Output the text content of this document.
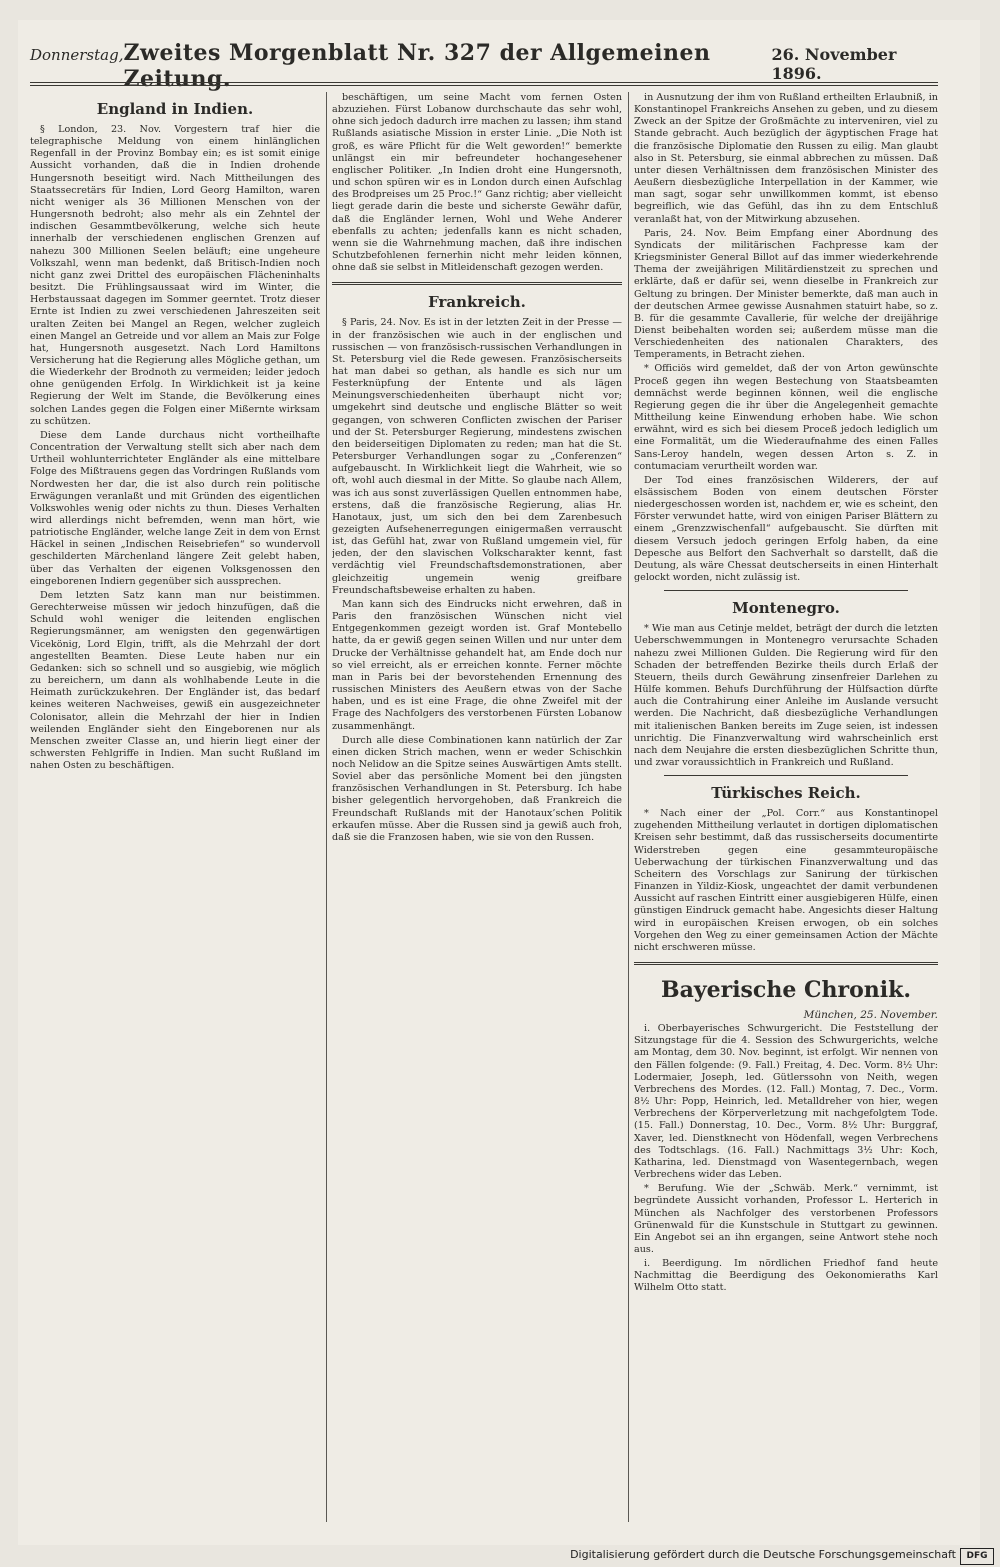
Donnerstag, Zweites Morgenblatt Nr. 327 der Allgemeinen Zeitung.
26. November 1896.
England in Indien.

§ London, 23. Nov. Vorgestern traf hier die telegraphische Meldung von einem hinlänglichen Regenfall in der Provinz Bombay ein; es ist somit einige Aussicht vorhanden, daß die in Indien drohende Hungersnoth beseitigt wird. Nach Mittheilungen des Staatssecretärs für Indien, Lord Georg Hamilton, waren nicht weniger als 36 Millionen Menschen von der Hungersnoth bedroht; also mehr als ein Zehntel der indischen Gesammtbevölkerung, welche sich heute innerhalb der verschiedenen englischen Grenzen auf nahezu 300 Millionen Seelen beläuft; eine ungeheure Volkszahl, wenn man bedenkt, daß Britisch-Indien noch nicht ganz zwei Drittel des europäischen Flächeninhalts besitzt. Die Frühlingsaussaat wird im Winter, die Herbstaussaat dagegen im Sommer geerntet. Trotz dieser Ernte ist Indien zu zwei verschiedenen Jahreszeiten seit uralten Zeiten bei Mangel an Regen, welcher zugleich einen Mangel an Getreide und vor allem an Mais zur Folge hat, Hungersnoth ausgesetzt. Nach Lord Hamiltons Versicherung hat die Regierung alles Mögliche gethan, um die Wiederkehr der Brodnoth zu vermeiden; leider jedoch ohne genügenden Erfolg. In Wirklichkeit ist ja keine Regierung der Welt im Stande, die Bevölkerung eines solchen Landes gegen die Folgen einer Mißernte wirksam zu schützen.

Diese dem Lande durchaus nicht vortheilhafte Concentration der Verwaltung stellt sich aber nach dem Urtheil wohlunterrichteter Engländer als eine mittelbare Folge des Mißtrauens gegen das Vordringen Rußlands vom Nordwesten her dar, die ist also durch rein politische Erwägungen veranlaßt und mit Gründen des eigentlichen Volkswohles wenig oder nichts zu thun. Dieses Verhalten wird allerdings nicht befremden, wenn man hört, wie patriotische Engländer, welche lange Zeit in dem von Ernst Häckel in seinen „Indischen Reisebriefen“ so wundervoll geschilderten Märchenland längere Zeit gelebt haben, über das Verhalten der eigenen Volksgenossen den eingeborenen Indiern gegenüber sich aussprechen.

Dem letzten Satz kann man nur beistimmen. Gerechterweise müssen wir jedoch hinzufügen, daß die Schuld wohl weniger die leitenden englischen Regierungsmänner, am wenigsten den gegenwärtigen Vicekönig, Lord Elgin, trifft, als die Mehrzahl der dort angestellten Beamten. Diese Leute haben nur ein Gedanken: sich so schnell und so ausgiebig, wie möglich zu bereichern, um dann als wohlhabende Leute in die Heimath zurückzukehren. Der Engländer ist, das bedarf keines weiteren Nachweises, gewiß ein ausgezeichneter Colonisator, allein die Mehrzahl der hier in Indien weilenden Engländer sieht den Eingeborenen nur als Menschen zweiter Classe an, und hierin liegt einer der schwersten Fehlgriffe in Indien. Man sucht Rußland im nahen Osten zu beschäftigen.

beschäftigen, um seine Macht vom fernen Osten abzuziehen. Fürst Lobanow durchschaute das sehr wohl, ohne sich jedoch dadurch irre machen zu lassen; ihm stand Rußlands asiatische Mission in erster Linie. „Die Noth ist groß, es wäre Pflicht für die Welt geworden!“ bemerkte unlängst ein mir befreundeter hochangesehener englischer Politiker. „In Indien droht eine Hungersnoth, und schon spüren wir es in London durch einen Aufschlag des Brodpreises um 25 Proc.!“ Ganz richtig; aber vielleicht liegt gerade darin die beste und sicherste Gewähr dafür, daß die Engländer lernen, Wohl und Wehe Anderer ebenfalls zu achten; jedenfalls kann es nicht schaden, wenn sie die Wahrnehmung machen, daß ihre indischen Schutzbefohlenen fernerhin nicht mehr leiden können, ohne daß sie selbst in Mitleidenschaft gezogen werden.

Frankreich.

§ Paris, 24. Nov. Es ist in der letzten Zeit in der Presse — in der französischen wie auch in der englischen und russischen — von französisch-russischen Verhandlungen in St. Petersburg viel die Rede gewesen. Französischerseits hat man dabei so gethan, als handle es sich nur um Festerknüpfung der Entente und als lägen Meinungsverschiedenheiten überhaupt nicht vor; umgekehrt sind deutsche und englische Blätter so weit gegangen, von schweren Conflicten zwischen der Pariser und der St. Petersburger Regierung, mindestens zwischen den beiderseitigen Diplomaten zu reden; man hat die St. Petersburger Verhandlungen sogar zu „Conferenzen“ aufgebauscht. In Wirklichkeit liegt die Wahrheit, wie so oft, wohl auch diesmal in der Mitte. So glaube nach Allem, was ich aus sonst zuverlässigen Quellen entnommen habe, erstens, daß die französische Regierung, alias Hr. Hanotaux, just, um sich den bei dem Zarenbesuch gezeigten Aufsehenerregungen einigermaßen verrauscht ist, das Gefühl hat, zwar von Rußland umgemein viel, für jeden, der den slavischen Volkscharakter kennt, fast verdächtig viel Freundschaftsdemonstrationen, aber gleichzeitig ungemein wenig greifbare Freundschaftsbeweise erhalten zu haben.

Man kann sich des Eindrucks nicht erwehren, daß in Paris den französischen Wünschen nicht viel Entgegenkommen gezeigt worden ist. Graf Montebello hatte, da er gewiß gegen seinen Willen und nur unter dem Drucke der Verhältnisse gehandelt hat, am Ende doch nur so viel erreicht, als er erreichen konnte. Ferner möchte man in Paris bei der bevorstehenden Ernennung des russischen Ministers des Aeußern etwas von der Sache haben, und es ist eine Frage, die ohne Zweifel mit der Frage des Nachfolgers des verstorbenen Fürsten Lobanow zusammenhängt.

Durch alle diese Combinationen kann natürlich der Zar einen dicken Strich machen, wenn er weder Schischkin noch Nelidow an die Spitze seines Auswärtigen Amts stellt. Soviel aber das persönliche Moment bei den jüngsten französischen Verhandlungen in St. Petersburg. Ich habe bisher gelegentlich hervorgehoben, daß Frankreich die Freundschaft Rußlands mit der Hanotaux’schen Politik erkaufen müsse. Aber die Russen sind ja gewiß auch froh, daß sie die Franzosen haben, wie sie von den Russen.

in Ausnutzung der ihm von Rußland ertheilten Erlaubniß, in Konstantinopel Frankreichs Ansehen zu geben, und zu diesem Zweck an der Spitze der Großmächte zu interveniren, viel zu Stande gebracht. Auch bezüglich der ägyptischen Frage hat die französische Diplomatie den Russen zu eilig. Man glaubt also in St. Petersburg, sie einmal abbrechen zu müssen. Daß unter diesen Verhältnissen dem französischen Minister des Aeußern diesbezügliche Interpellation in der Kammer, wie man sagt, sogar sehr unwillkommen kommt, ist ebenso begreiflich, wie das Gefühl, das ihn zu dem Entschluß veranlaßt hat, von der Mitwirkung abzusehen.

Paris, 24. Nov. Beim Empfang einer Abordnung des Syndicats der militärischen Fachpresse kam der Kriegsminister General Billot auf das immer wiederkehrende Thema der zweijährigen Militärdienstzeit zu sprechen und erklärte, daß er dafür sei, wenn dieselbe in Frankreich zur Geltung zu bringen. Der Minister bemerkte, daß man auch in der deutschen Armee gewisse Ausnahmen statuirt habe, so z. B. für die gesammte Cavallerie, für welche der dreijährige Dienst beibehalten worden sei; außerdem müsse man die Verschiedenheiten des nationalen Charakters, des Temperaments, in Betracht ziehen.

* Officiös wird gemeldet, daß der von Arton gewünschte Proceß gegen ihn wegen Bestechung von Staatsbeamten demnächst werde beginnen können, weil die englische Regierung gegen die ihr über die Angelegenheit gemachte Mittheilung keine Einwendung erhoben habe. Wie schon erwähnt, wird es sich bei diesem Proceß jedoch lediglich um eine Formalität, um die Wiederaufnahme des einen Falles Sans-Leroy handeln, wegen dessen Arton s. Z. in contumaciam verurtheilt worden war.

Der Tod eines französischen Wilderers, der auf elsässischem Boden von einem deutschen Förster niedergeschossen worden ist, nachdem er, wie es scheint, den Förster verwundet hatte, wird von einigen Pariser Blättern zu einem „Grenzzwischenfall“ aufgebauscht. Sie dürften mit diesem Versuch jedoch geringen Erfolg haben, da eine Depesche aus Belfort den Sachverhalt so darstellt, daß die Deutung, als wäre Chessat deutscherseits in einen Hinterhalt gelockt worden, nicht zulässig ist.

Montenegro.

* Wie man aus Cetinje meldet, beträgt der durch die letzten Ueberschwemmungen in Montenegro verursachte Schaden nahezu zwei Millionen Gulden. Die Regierung wird für den Schaden der betreffenden Bezirke theils durch Erlaß der Steuern, theils durch Gewährung zinsenfreier Darlehen zu Hülfe kommen. Behufs Durchführung der Hülfsaction dürfte auch die Contrahirung einer Anleihe im Auslande versucht werden. Die Nachricht, daß diesbezügliche Verhandlungen mit italienischen Banken bereits im Zuge seien, ist indessen unrichtig. Die Finanzverwaltung wird wahrscheinlich erst nach dem Neujahre die ersten diesbezüglichen Schritte thun, und zwar voraussichtlich in Frankreich und Rußland.

Türkisches Reich.

* Nach einer der „Pol. Corr.“ aus Konstantinopel zugehenden Mittheilung verlautet in dortigen diplomatischen Kreisen sehr bestimmt, daß das russischerseits documentirte Widerstreben gegen eine gesammteuropäische Ueberwachung der türkischen Finanzverwaltung und das Scheitern des Vorschlags zur Sanirung der türkischen Finanzen in Yildiz-Kiosk, ungeachtet der damit verbundenen Aussicht auf raschen Eintritt einer ausgiebigeren Hülfe, einen günstigen Eindruck gemacht habe. Angesichts dieser Haltung wird in europäischen Kreisen erwogen, ob ein solches Vorgehen den Weg zu einer gemeinsamen Action der Mächte nicht erschweren müsse.

Bayerische Chronik.
München, 25. November.

i. Oberbayerisches Schwurgericht. Die Feststellung der Sitzungstage für die 4. Session des Schwurgerichts, welche am Montag, dem 30. Nov. beginnt, ist erfolgt. Wir nennen von den Fällen folgende: (9. Fall.) Freitag, 4. Dec. Vorm. 8½ Uhr: Lodermaier, Joseph, led. Gütlerssohn von Neith, wegen Verbrechens des Mordes. (12. Fall.) Montag, 7. Dec., Vorm. 8½ Uhr: Popp, Heinrich, led. Metalldreher von hier, wegen Verbrechens der Körperverletzung mit nachgefolgtem Tode. (15. Fall.) Donnerstag, 10. Dec., Vorm. 8½ Uhr: Burggraf, Xaver, led. Dienstknecht von Hödenfall, wegen Verbrechens des Todtschlags. (16. Fall.) Nachmittags 3½ Uhr: Koch, Katharina, led. Dienstmagd von Wasentegernbach, wegen Verbrechens wider das Leben.

* Berufung. Wie der „Schwäb. Merk.“ vernimmt, ist begründete Aussicht vorhanden, Professor L. Herterich in München als Nachfolger des verstorbenen Professors Grünenwald für die Kunstschule in Stuttgart zu gewinnen. Ein Angebot sei an ihn ergangen, seine Antwort stehe noch aus.

i. Beerdigung. Im nördlichen Friedhof fand heute Nachmittag die Beerdigung des Oekonomieraths Karl Wilhelm Otto statt.

Digitalisierung gefördert durch die Deutsche Forschungsgemeinschaft	DFG
